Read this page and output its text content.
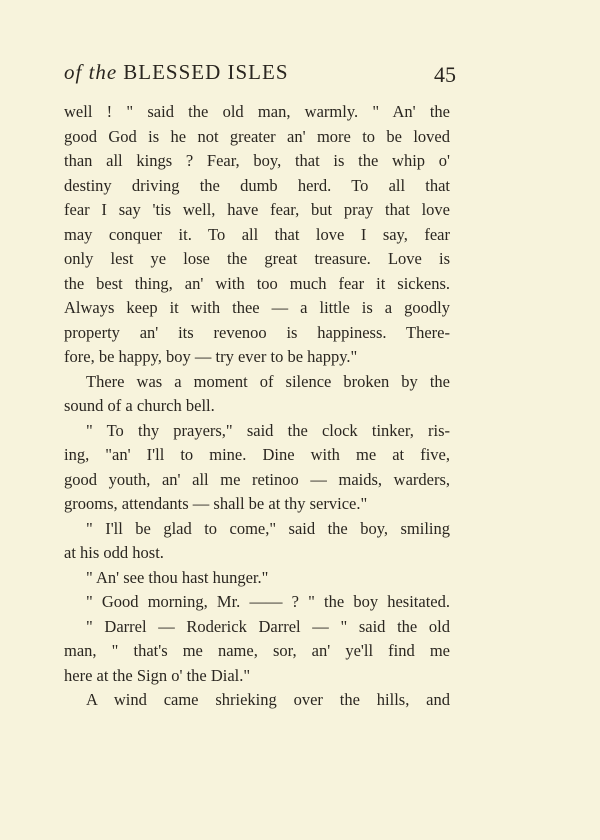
of the BLESSED ISLES	45
well ! " said the old man, warmly. " An' the
good God is he not greater an' more to be loved
than all kings ? Fear, boy, that is the whip o'
destiny driving the dumb herd. To all that
fear I say 'tis well, have fear, but pray that love
may conquer it. To all that love I say, fear
only lest ye lose the great treasure. Love is
the best thing, an' with too much fear it sickens.
Always keep it with thee — a little is a goodly
property an' its revenoo is happiness. There-
fore, be happy, boy — try ever to be happy."
There was a moment of silence broken by the
sound of a church bell.
" To thy prayers," said the clock tinker, ris-
ing, "an' I'll to mine. Dine with me at five,
good youth, an' all me retinoo — maids, warders,
grooms, attendants — shall be at thy service."
" I'll be glad to come," said the boy, smiling
at his odd host.
" An' see thou hast hunger."
" Good morning, Mr. —— ? " the boy hesitated.
" Darrel — Roderick Darrel — " said the old
man, " that's me name, sor, an' ye'll find me
here at the Sign o' the Dial."
A wind came shrieking over the hills, and
